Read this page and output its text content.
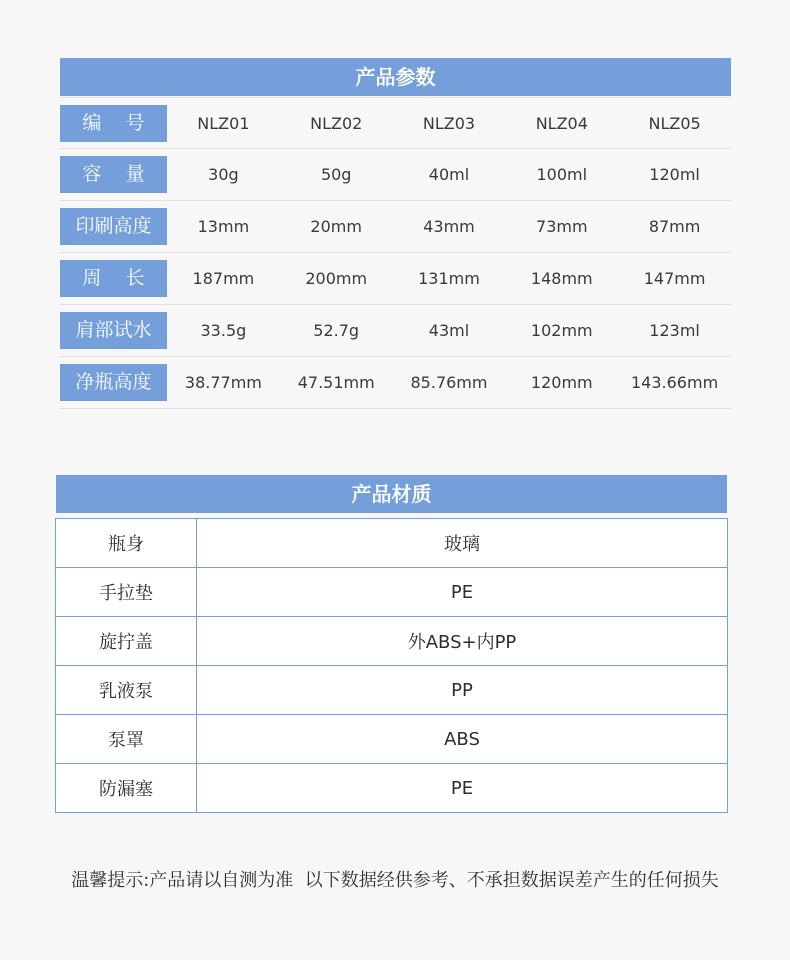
产品参数
编    号	NLZ01	NLZ02	NLZ03	NLZ04	NLZ05
容    量	30g	50g	40ml	100ml	120ml
印刷高度	13mm	20mm	43mm	73mm	87mm
周    长	187mm	200mm	131mm	148mm	147mm
肩部试水	33.5g	52.7g	43ml	102mm	123ml
净瓶高度	38.77mm	47.51mm	85.76mm	120mm	143.66mm
产品材质
瓶身	玻璃
手拉垫	PE
旋拧盖	外ABS+内PP
乳液泵	PP
泵罩	ABS
防漏塞	PE
温馨提示:产品请以自测为准  以下数据经供参考、不承担数据误差产生的任何损失
